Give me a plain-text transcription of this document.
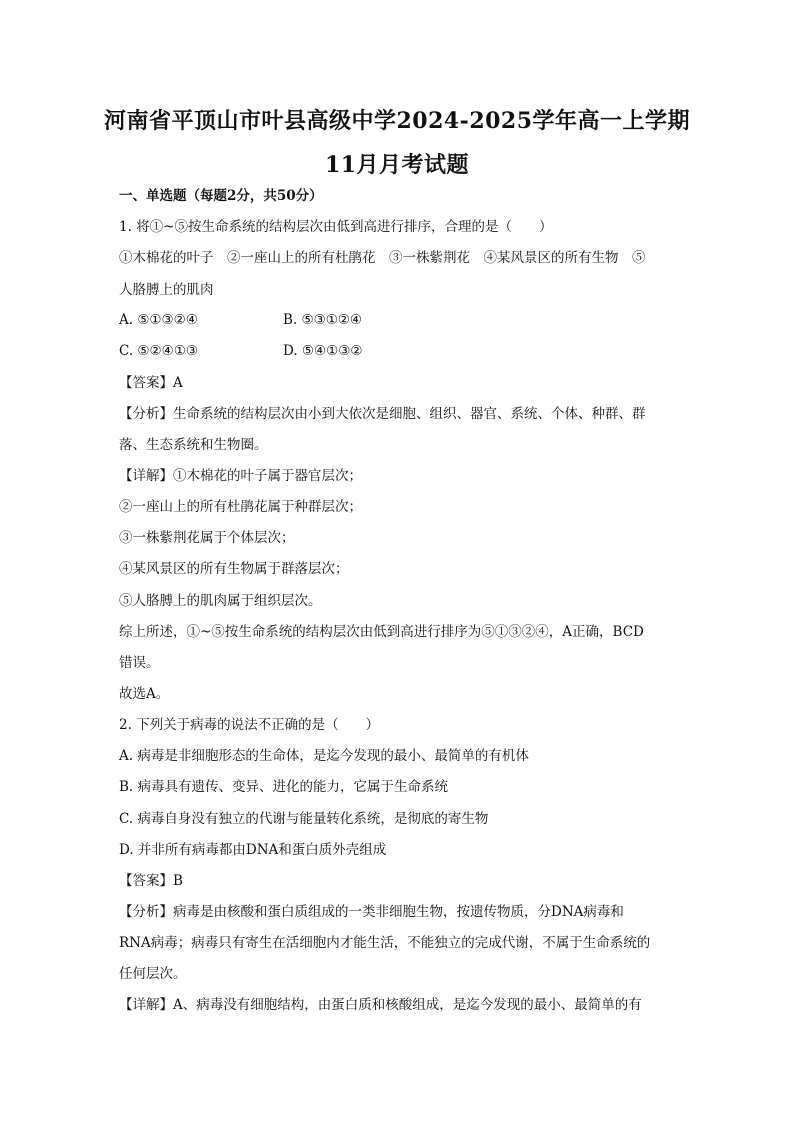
河南省平顶山市叶县高级中学2024-2025学年高一上学期
11月月考试题
一、单选题（每题2分，共50分）
1. 将①~⑤按生命系统的结构层次由低到高进行排序，合理的是（　　）
①木棉花的叶子　②一座山上的所有杜鹃花　③一株紫荆花　④某风景区的所有生物　⑤
人胳膊上的肌肉
A. ⑤①③②④	B. ⑤③①②④
C. ⑤②④①③	D. ⑤④①③②
【答案】A
【分析】生命系统的结构层次由小到大依次是细胞、组织、器官、系统、个体、种群、群
落、生态系统和生物圈。
【详解】①木棉花的叶子属于器官层次；
②一座山上的所有杜鹃花属于种群层次；
③一株紫荆花属于个体层次；
④某风景区的所有生物属于群落层次；
⑤人胳膊上的肌肉属于组织层次。
综上所述，①~⑤按生命系统的结构层次由低到高进行排序为⑤①③②④，A正确，BCD
错误。
故选A。
2. 下列关于病毒的说法不正确的是（　　）
A. 病毒是非细胞形态的生命体，是迄今发现的最小、最简单的有机体
B. 病毒具有遗传、变异、进化的能力，它属于生命系统
C. 病毒自身没有独立的代谢与能量转化系统，是彻底的寄生物
D. 并非所有病毒都由DNA和蛋白质外壳组成
【答案】B
【分析】病毒是由核酸和蛋白质组成的一类非细胞生物，按遗传物质，分DNA病毒和
RNA病毒；病毒只有寄生在活细胞内才能生活，不能独立的完成代谢，不属于生命系统的
任何层次。
【详解】A、病毒没有细胞结构，由蛋白质和核酸组成，是迄今发现的最小、最简单的有
